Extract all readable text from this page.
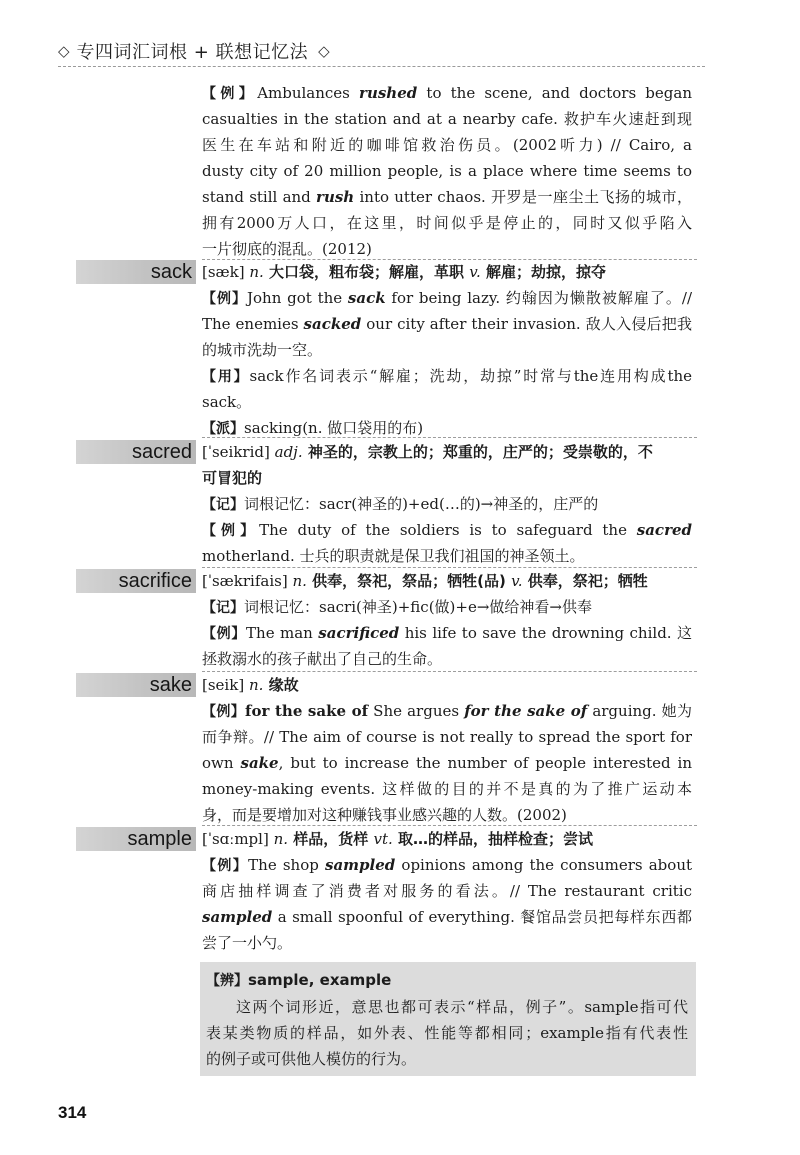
◇ 专四词汇词根 + 联想记忆法 ◇
【例】Ambulances rushed to the scene, and doctors began
casualties in the station and at a nearby cafe. 救护车火速赶到现
医生在车站和附近的咖啡馆救治伤员。(2002听力) // Cairo, a
dusty city of 20 million people, is a place where time seems to
stand still and rush into utter chaos. 开罗是一座尘土飞扬的城市，
拥有2000万人口，在这里，时间似乎是停止的，同时又似乎陷入
一片彻底的混乱。(2012)
sack [sæk] n. 大口袋，粗布袋；解雇，革职 v. 解雇；劫掠，掠夺
【例】John got the sack for being lazy. 约翰因为懒散被解雇了。//
The enemies sacked our city after their invasion. 敌人入侵后把我
的城市洗劫一空。
【用】sack作名词表示“解雇；洗劫，劫掠”时常与the连用构成the
sack。
【派】sacking(n. 做口袋用的布)
sacred [ˈseikrid] adj. 神圣的，宗教上的；郑重的，庄严的；受崇敬的，不
可冒犯的
【记】词根记忆：sacr(神圣的)+ed(…的)→神圣的，庄严的
【例】The duty of the soldiers is to safeguard the sacred
motherland. 士兵的职责就是保卫我们祖国的神圣领土。
sacrifice [ˈsækrifais] n. 供奉，祭祀，祭品；牺牲(品) v. 供奉，祭祀；牺牲
【记】词根记忆：sacri(神圣)+fic(做)+e→做给神看→供奉
【例】The man sacrificed his life to save the drowning child. 这
拯救溺水的孩子献出了自己的生命。
sake [seik] n. 缘故
【例】for the sake of She argues for the sake of arguing. 她为
而争辩。// The aim of course is not really to spread the sport for
own sake, but to increase the number of people interested in
money-making events. 这样做的目的并不是真的为了推广运动本
身，而是要增加对这种赚钱事业感兴趣的人数。(2002)
sample [ˈsɑːmpl] n. 样品，货样 vt. 取…的样品，抽样检查；尝试
【例】The shop sampled opinions among the consumers about
商店抽样调查了消费者对服务的看法。// The restaurant critic
sampled a small spoonful of everything. 餐馆品尝员把每样东西都
尝了一小勺。
【辨】sample, example
这两个词形近，意思也都可表示“样品，例子”。sample指可代
表某类物质的样品，如外表、性能等都相同；example指有代表性
的例子或可供他人模仿的行为。
314
